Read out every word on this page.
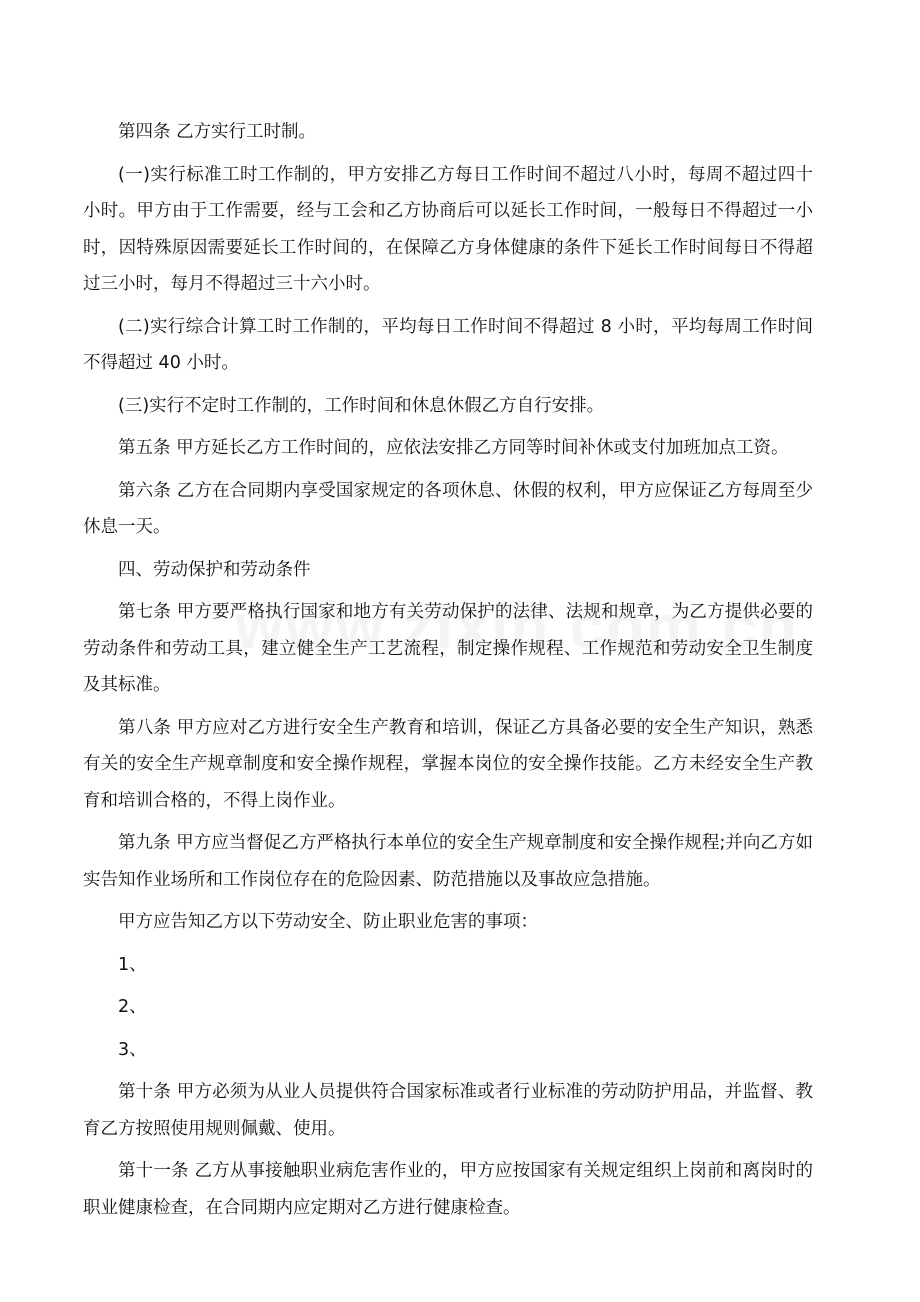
第四条 乙方实行工时制。

(一)实行标准工时工作制的，甲方安排乙方每日工作时间不超过八小时，每周不超过四十小时。甲方由于工作需要，经与工会和乙方协商后可以延长工作时间，一般每日不得超过一小时，因特殊原因需要延长工作时间的，在保障乙方身体健康的条件下延长工作时间每日不得超过三小时，每月不得超过三十六小时。

(二)实行综合计算工时工作制的，平均每日工作时间不得超过 8 小时，平均每周工作时间不得超过 40 小时。

(三)实行不定时工作制的，工作时间和休息休假乙方自行安排。

第五条 甲方延长乙方工作时间的，应依法安排乙方同等时间补休或支付加班加点工资。

第六条 乙方在合同期内享受国家规定的各项休息、休假的权利，甲方应保证乙方每周至少休息一天。

四、劳动保护和劳动条件

第七条 甲方要严格执行国家和地方有关劳动保护的法律、法规和规章，为乙方提供必要的劳动条件和劳动工具，建立健全生产工艺流程，制定操作规程、工作规范和劳动安全卫生制度及其标准。

第八条 甲方应对乙方进行安全生产教育和培训，保证乙方具备必要的安全生产知识，熟悉有关的安全生产规章制度和安全操作规程，掌握本岗位的安全操作技能。乙方未经安全生产教育和培训合格的，不得上岗作业。

第九条 甲方应当督促乙方严格执行本单位的安全生产规章制度和安全操作规程;并向乙方如实告知作业场所和工作岗位存在的危险因素、防范措施以及事故应急措施。

甲方应告知乙方以下劳动安全、防止职业危害的事项：

1、

2、

3、

第十条 甲方必须为从业人员提供符合国家标准或者行业标准的劳动防护用品，并监督、教育乙方按照使用规则佩戴、使用。

第十一条 乙方从事接触职业病危害作业的，甲方应按国家有关规定组织上岗前和离岗时的职业健康检查，在合同期内应定期对乙方进行健康检查。
